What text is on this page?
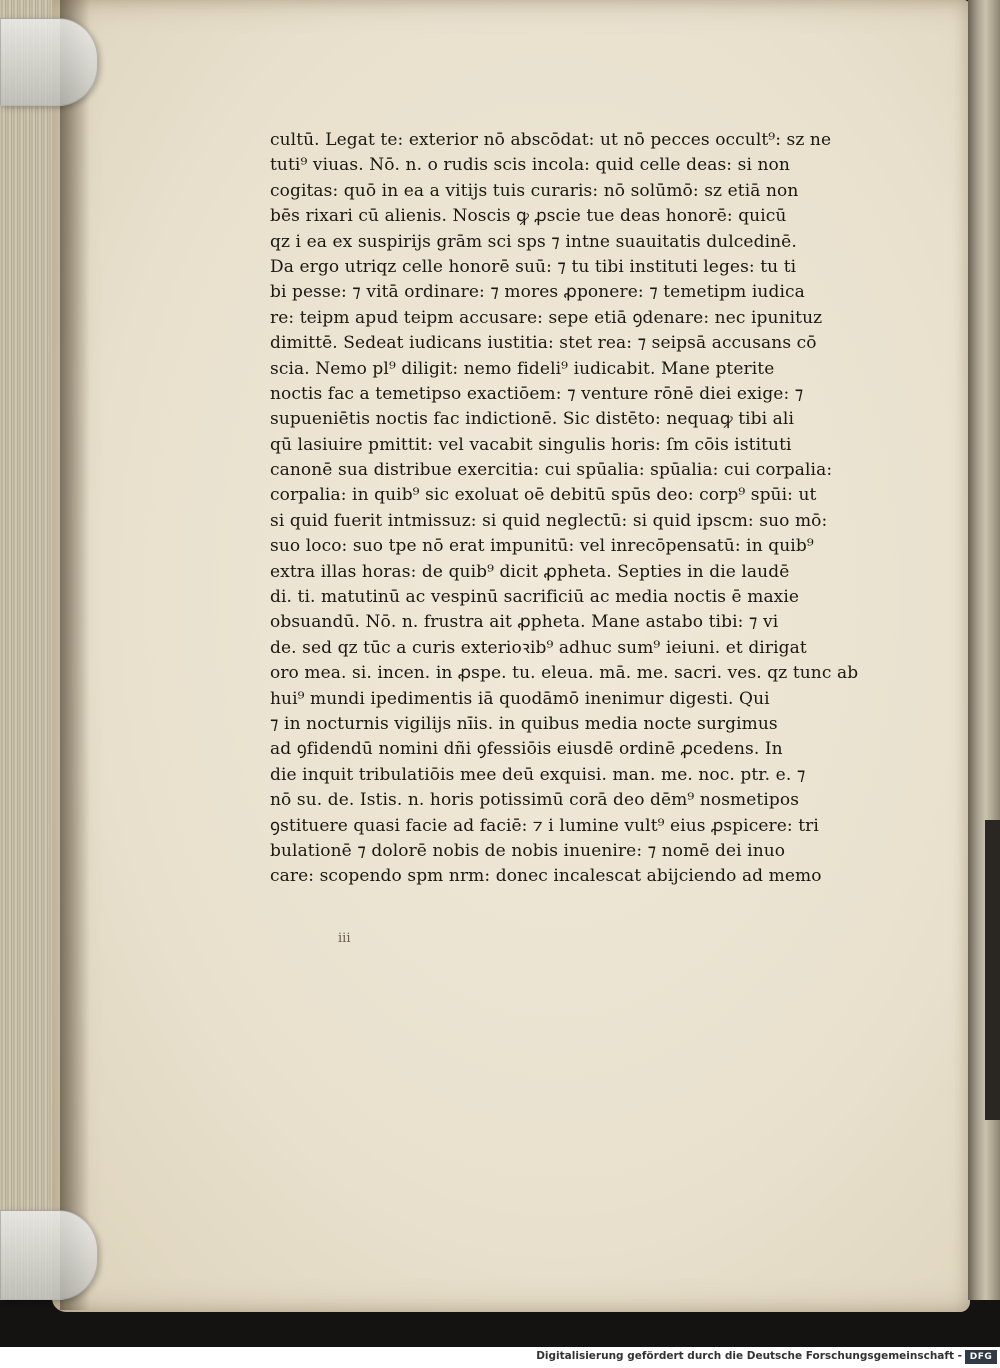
cultū. Legat te: exterior nō abscōdat: ut nō pecces occult⁹: sz ne
tuti⁹ viuas. Nō. n. o rudis scis incola: quid celle deas: si non
cogitas: quō in ea a vitijs tuis curaris: nō solūmō: sz etiā non
bēs rixari cū alienis. Noscis ꝙ ꝓscie tue deas honorē: quicū
qz i ea ex suspirijs grām sci sps ⁊ intne suauitatis dulcedinē.
Da ergo utriqz celle honorē suū: ⁊ tu tibi instituti leges: tu ti
bi pesse: ⁊ vitā ordinare: ⁊ mores ꝓponere: ⁊ temetipm iudica
re: teipm apud teipm accusare: sepe etiā ꝯdenare: nec ipunituz
dimittē. Sedeat iudicans iustitia: stet rea: ⁊ seipsā accusans cō
scia. Nemo pl⁹ diligit: nemo fideli⁹ iudicabit. Mane pterite
noctis fac a temetipso exactiōem: ⁊ venture rōnē diei exige: ⁊
supueniētis noctis fac indictionē. Sic distēto: nequaꝙ tibi ali
qū lasiuire pmittit: vel vacabit singulis horis: ſm cōis istituti
canonē sua distribue exercitia: cui spūalia: spūalia: cui corpalia:
corpalia: in quib⁹ sic exoluat oē debitū spūs deo: corp⁹ spūi: ut
si quid fuerit intmissuz: si quid neglectū: si quid ipscm: suo mō:
suo loco: suo tpe nō erat impunitū: vel inrecōpensatū: in quib⁹
extra illas horas: de quib⁹ dicit ꝓpheta. Septies in die laudē
di. ti. matutinū ac vespinū sacrificiū ac media noctis ē maxie
obsuandū. Nō. n. frustra ait ꝓpheta. Mane astabo tibi: ⁊ vi
de. sed qz tūc a curis exterioꝛib⁹ adhuc sum⁹ ieiuni. et dirigat
oro mea. si. incen. in ꝓspe. tu. eleua. mā. me. sacri. ves. qz tunc ab
hui⁹ mundi ipedimentis iā quodāmō inenimur digesti. Qui
⁊ in nocturnis vigilijs nīis. in quibus media nocte surgimus
ad ꝯfidendū nomini dñi ꝯfessiōis eiusdē ordinē ꝓcedens. In
die inquit tribulatiōis mee deū exquisi. man. me. noc. ptr. e. ⁊
nō su. de. Istis. n. horis potissimū corā deo dēm⁹ nosmetipos
ꝯstituere quasi facie ad faciē: ⁊ i lumine vult⁹ eius ꝓspicere: tri
bulationē ⁊ dolorē nobis de nobis inuenire: ⁊ nomē dei inuo
care: scopendo spm nrm: donec incalescat abijciendo ad memo
iii
Digitalisierung gefördert durch die Deutsche Forschungsgemeinschaft - DFG
